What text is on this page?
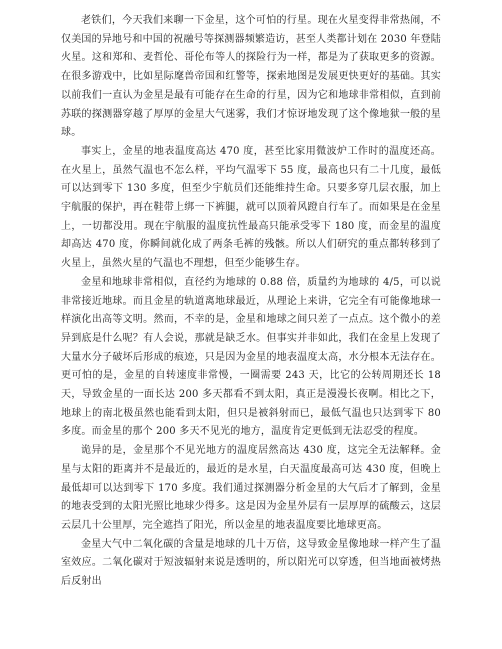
老铁们，今天我们来聊一下金星，这个可怕的行星。现在火星变得非常热闹，不仅美国的异地号和中国的祝融号等探测器频繁造访，甚至人类都计划在 2030 年登陆火星。这和郑和、麦哲伦、哥伦布等人的探险行为一样，都是为了获取更多的资源。在很多游戏中，比如星际麾兽帝国和红警等，探索地图是发展更快更好的基础。其实以前我们一直认为金星是最有可能存在生命的行星，因为它和地球非常相似，直到前苏联的探测器穿越了厚厚的金星大气迷雾，我们才惊讶地发现了这个像地狱一般的星球。

事实上，金星的地表温度高达 470 度，甚至比家用微波炉工作时的温度还高。在火星上，虽然气温也不怎么样，平均气温零下 55 度，最高也只有二十几度，最低可以达到零下 130 多度，但至少宇航员们还能维持生命。只要多穿几层衣服，加上宇航服的保护，再在鞋带上绑一下裤腿，就可以顶着风蹬自行车了。而如果是在金星上，一切都没用。现在宇航服的温度抗性最高只能承受零下 180 度，而金星的温度却高达 470 度，你瞬间就化成了两条毛裤的残骸。所以人们研究的重点都转移到了火星上，虽然火星的气温也不理想，但至少能够生存。

金星和地球非常相似，直径约为地球的 0.88 倍，质量约为地球的 4/5，可以说非常接近地球。而且金星的轨道离地球最近，从理论上来讲，它完全有可能像地球一样演化出高等文明。然而，不幸的是，金星和地球之间只差了一点点。这个微小的差异到底是什么呢？有人会说，那就是缺乏水。但事实并非如此，我们在金星上发现了大量水分子破坏后形成的痕迹，只是因为金星的地表温度太高，水分根本无法存在。更可怕的是，金星的自转速度非常慢，一圈需要 243 天，比它的公转周期还长 18 天，导致金星的一面长达 200 多天都看不到太阳，真正是漫漫长夜啊。相比之下，地球上的南北极虽然也能看到太阳，但只是被斜射而已，最低气温也只达到零下 80 多度。而金星的那个 200 多天不见光的地方，温度肯定更低到无法忍受的程度。

诡异的是，金星那个不见光地方的温度居然高达 430 度，这完全无法解释。金星与太阳的距离并不是最近的，最近的是水星，白天温度最高可达 430 度，但晚上最低却可以达到零下 170 多度。我们通过探测器分析金星的大气后才了解到，金星的地表受到的太阳光照比地球少得多。这是因为金星外层有一层厚厚的硫酸云，这层云层几十公里厚，完全遮挡了阳光，所以金星的地表温度要比地球更高。

金星大气中二氧化碳的含量是地球的几十万倍，这导致金星像地球一样产生了温室效应。二氧化碳对于短波辐射来说是透明的，所以阳光可以穿透，但当地面被烤热后反射出
